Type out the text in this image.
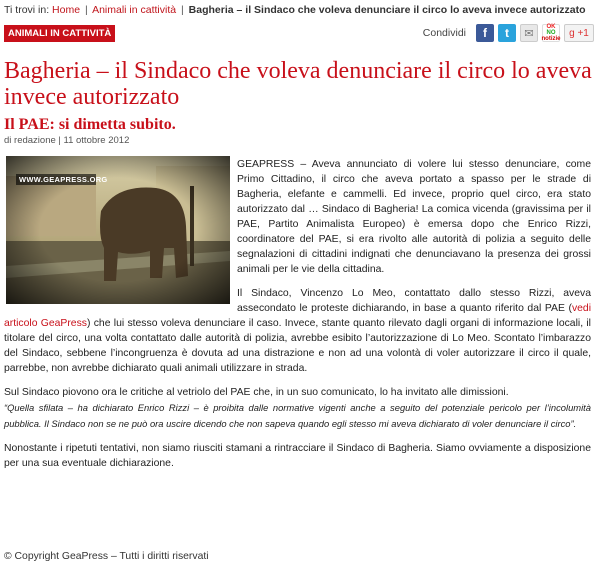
Ti trovi in: Home | Animali in cattività | Bagheria – il Sindaco che voleva denunciare il circo lo aveva invece autorizzato
ANIMALI IN CATTIVITÀ	Condividi	f	t	✉
OK
NO
notizie
g +1
Bagheria – il Sindaco che voleva denunciare il circo lo aveva invece autorizzato
Il PAE: si dimetta subito.
di redazione | 11 ottobre 2012
WWW.GEAPRESS.ORG

GEAPRESS – Aveva annunciato di volere lui stesso denunciare, come Primo Cittadino, il circo che aveva portato a spasso per le strade di Bagheria, elefante e cammelli. Ed invece, proprio quel circo, era stato autorizzato dal … Sindaco di Bagheria! La comica vicenda (gravissima per il PAE, Partito Animalista Europeo) è emersa dopo che Enrico Rizzi, coordinatore del PAE, si era rivolto alle autorità di polizia a seguito delle segnalazioni di cittadini indignati che denunciavano la presenza dei grossi animali per le vie della cittadina.

Il Sindaco, Vincenzo Lo Meo, contattato dallo stesso Rizzi, aveva assecondato le proteste dichiarando, in base a quanto riferito dal PAE (vedi articolo GeaPress) che lui stesso voleva denunciare il caso. Invece, stante quanto rilevato dagli organi di informazione locali, il titolare del circo, una volta contattato dalle autorità di polizia, avrebbe esibito l’autorizzazione di Lo Meo. Scontato l’imbarazzo del Sindaco, sebbene l’incongruenza è dovuta ad una distrazione e non ad una volontà di voler autorizzare il circo il quale, parrebbe, non avrebbe dichiarato quali animali utilizzare in strada.

Sul Sindaco piovono ora le critiche al vetriolo del PAE che, in un suo comunicato, lo ha invitato alle dimissioni.
“Quella sfilata – ha dichiarato Enrico Rizzi – è proibita dalle normative vigenti anche a seguito del potenziale pericolo per l’incolumità pubblica. Il Sindaco non se ne può ora uscire dicendo che non sapeva quando egli stesso mi aveva dichiarato di voler denunciare il circo”.

Nonostante i ripetuti tentativi, non siamo riusciti stamani a rintracciare il Sindaco di Bagheria. Siamo ovviamente a disposizione per una sua eventuale dichiarazione.

© Copyright GeaPress – Tutti i diritti riservati
